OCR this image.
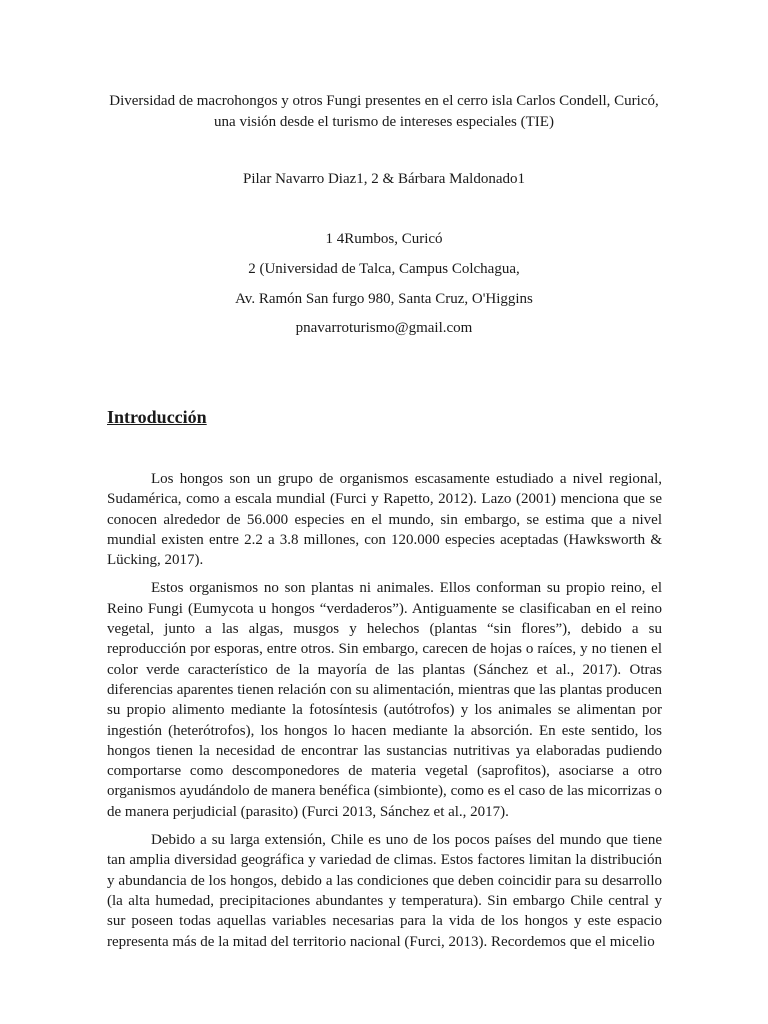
Diversidad de macrohongos y otros Fungi presentes en el cerro isla Carlos Condell, Curicó,
una visión desde el turismo de intereses especiales (TIE)
Pilar Navarro Diaz1, 2 & Bárbara Maldonado1
1 4Rumbos, Curicó
2 (Universidad de Talca, Campus Colchagua,
Av. Ramón San furgo 980, Santa Cruz, O'Higgins
pnavarroturismo@gmail.com
Introducción

Los hongos son un grupo de organismos escasamente estudiado a nivel regional, Sudamérica, como a escala mundial (Furci y Rapetto, 2012). Lazo (2001) menciona que se conocen alrededor de 56.000 especies en el mundo, sin embargo, se estima que a nivel mundial existen entre 2.2 a 3.8 millones, con 120.000 especies aceptadas (Hawksworth & Lücking, 2017).

Estos organismos no son plantas ni animales. Ellos conforman su propio reino, el Reino Fungi (Eumycota u hongos “verdaderos”). Antiguamente se clasificaban en el reino vegetal, junto a las algas, musgos y helechos (plantas “sin flores”), debido a su reproducción por esporas, entre otros. Sin embargo, carecen de hojas o raíces, y no tienen el color verde característico de la mayoría de las plantas (Sánchez et al., 2017). Otras diferencias aparentes tienen relación con su alimentación, mientras que las plantas producen su propio alimento mediante la fotosíntesis (autótrofos) y los animales se alimentan por ingestión (heterótrofos), los hongos lo hacen mediante la absorción. En este sentido, los hongos tienen la necesidad de encontrar las sustancias nutritivas ya elaboradas pudiendo comportarse como descomponedores de materia vegetal (saprofitos), asociarse a otro organismos ayudándolo de manera benéfica (simbionte), como es el caso de las micorrizas o de manera perjudicial (parasito) (Furci 2013, Sánchez et al., 2017).

Debido a su larga extensión, Chile es uno de los pocos países del mundo que tiene tan amplia diversidad geográfica y variedad de climas. Estos factores limitan la distribución y abundancia de los hongos, debido a las condiciones que deben coincidir para su desarrollo (la alta humedad, precipitaciones abundantes y temperatura). Sin embargo Chile central y sur poseen todas aquellas variables necesarias para la vida de los hongos y este espacio representa más de la mitad del territorio nacional (Furci, 2013). Recordemos que el micelio
